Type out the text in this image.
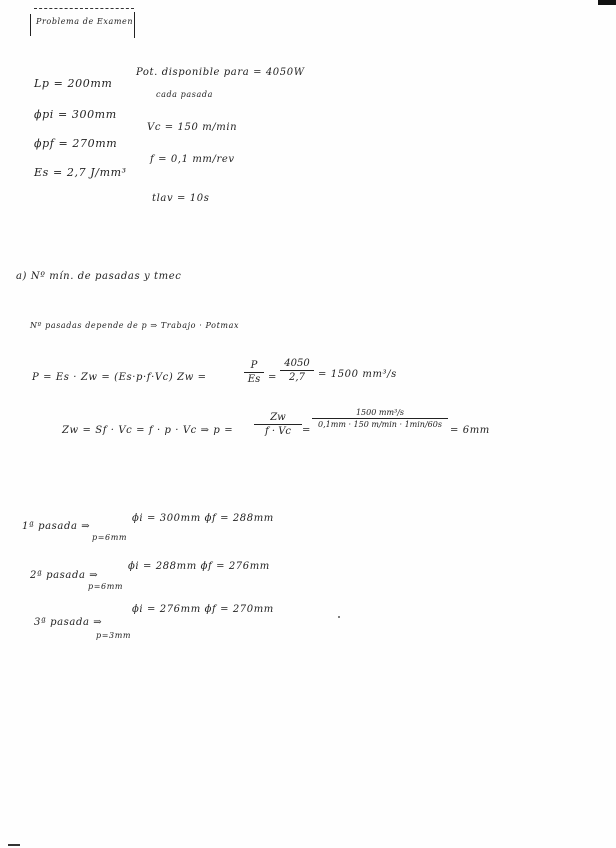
Problema de Examen
Lp = 200mm
ϕpi = 300mm
ϕpf = 270mm
Es = 2,7 J/mm³
Pot. disponible para = 4050W
cada pasada
Vc = 150 m/min
f = 0,1 mm/rev
tlav = 10s
a) Nº mín. de pasadas y tmec
Nº pasadas depende de p ⇒ Trabajo · Potmax
P = Es · Zw = (Es·p·f·Vc) Zw =
P
Es =
4050
2,7	= 1500 mm³/s
Zw = Sf · Vc = f · p · Vc ⇒ p =
Zw
f · Vc	=
1500 mm³/s
0,1mm · 150 m/min · 1min/60s
= 6mm
1ª pasada ⇒
p=6mm
ϕi = 300mm ϕf = 288mm
2ª pasada ⇒
p=6mm
ϕi = 288mm ϕf = 276mm
3ª pasada ⇒
p=3mm
ϕi = 276mm ϕf = 270mm
